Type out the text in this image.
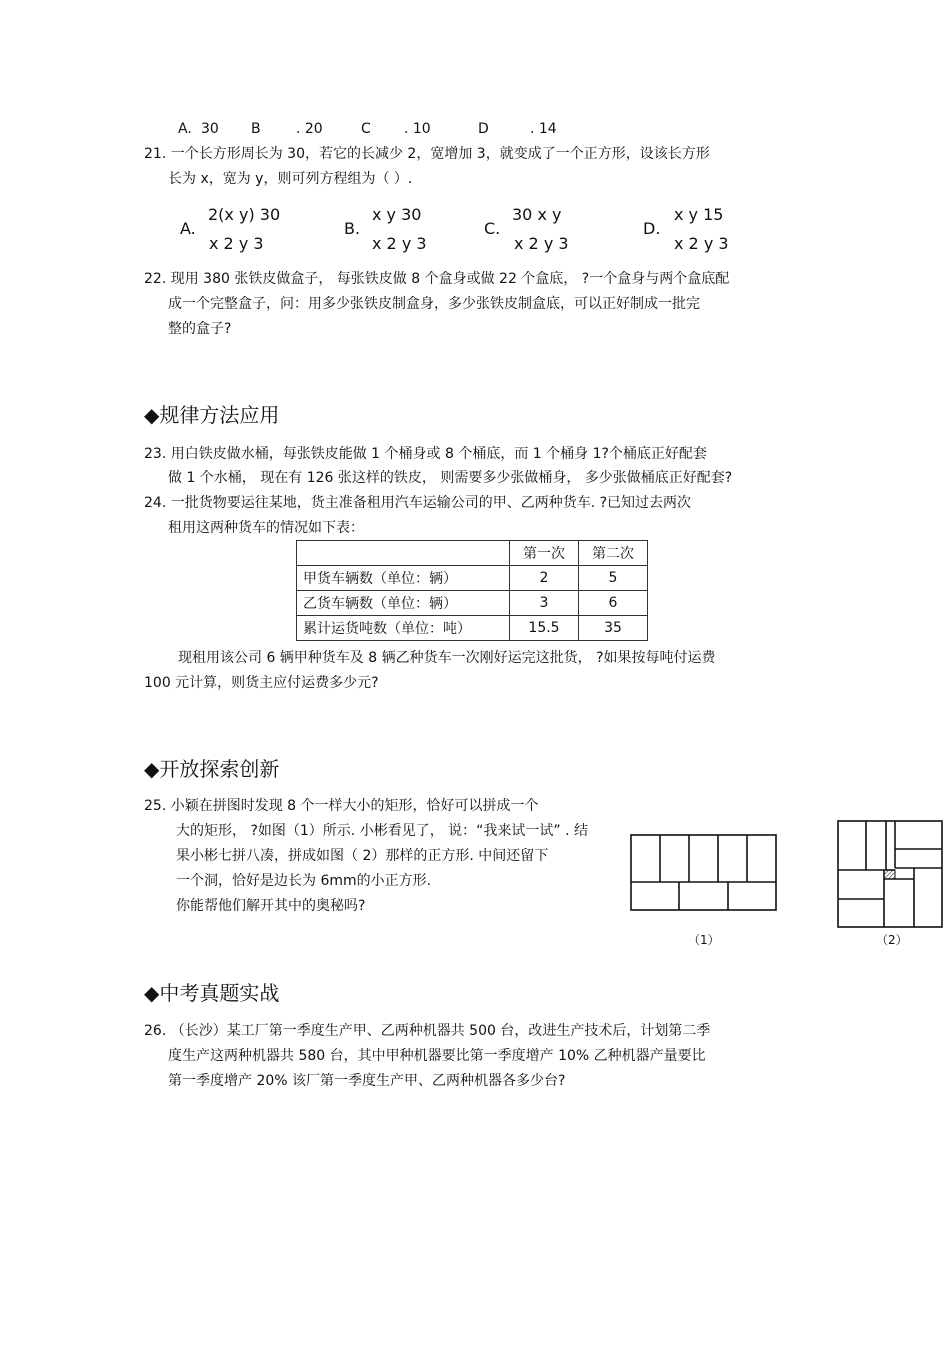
A. 30 B	. 20	C . 10	D	. 14
21. 一个长方形周长为 30，若它的长减少 2，宽增加 3，就变成了一个正方形，设该长方形
长为 x，宽为 y，则可列方程组为（ ）.
A.
2(x y) 30
x 2 y 3
B.
x y 30
x 2 y 3
C.
30 x y
x 2 y 3
D.
x y 15
x 2 y 3
22. 现用 380 张铁皮做盒子， 每张铁皮做 8 个盒身或做 22 个盒底， ?一个盒身与两个盒底配
成一个完整盒子，问：用多少张铁皮制盒身，多少张铁皮制盒底，可以正好制成一批完
整的盒子?
◆规律方法应用
23. 用白铁皮做水桶，每张铁皮能做 1 个桶身或 8 个桶底，而 1 个桶身 1?个桶底正好配套
做 1 个水桶， 现在有 126 张这样的铁皮， 则需要多少张做桶身， 多少张做桶底正好配套?
24. 一批货物要运往某地，货主准备租用汽车运输公司的甲、乙两种货车. ?已知过去两次
租用这两种货车的情况如下表：
	第一次	第二次
甲货车辆数（单位：辆）	2	5
乙货车辆数（单位：辆）	3	6
累计运货吨数（单位：吨）	15.5	35
现租用该公司 6 辆甲种货车及 8 辆乙种货车一次刚好运完这批货， ?如果按每吨付运费
100 元计算，则货主应付运费多少元?
◆开放探索创新
25. 小颖在拼图时发现 8 个一样大小的矩形，恰好可以拼成一个
大的矩形， ?如图（1）所示. 小彬看见了， 说：“我来试一试” . 结
果小彬七拼八凑，拼成如图（ 2）那样的正方形. 中间还留下
一个洞，恰好是边长为 6mm的小正方形.
你能帮他们解开其中的奥秘吗?
（1）	（2）
◆中考真题实战
26. （长沙）某工厂第一季度生产甲、乙两种机器共 500 台，改进生产技术后，计划第二季
度生产这两种机器共 580 台，其中甲种机器要比第一季度增产 10% 乙种机器产量要比
第一季度增产 20% 该厂第一季度生产甲、乙两种机器各多少台?
